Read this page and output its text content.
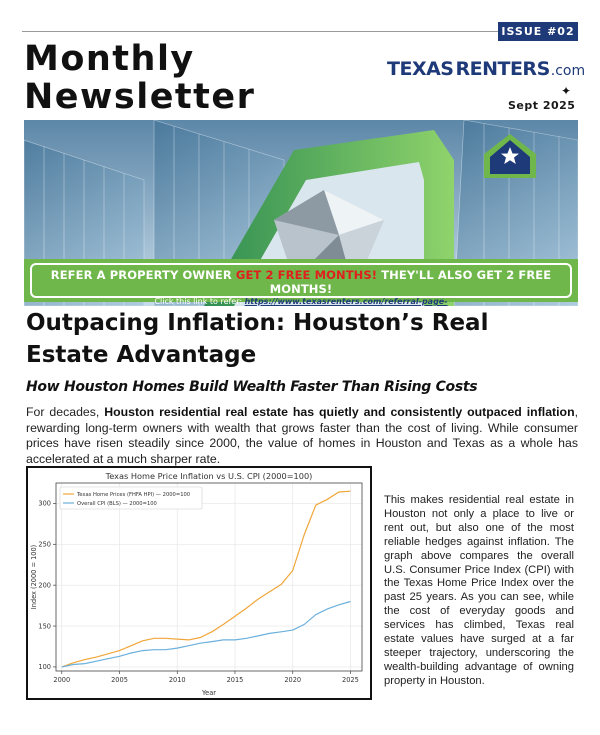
ISSUE #02
Monthly
Newsletter
TEXAS RENTERS .com
✦
Sept 2025
REFER A PROPERTY OWNER GET 2 FREE MONTHS! THEY'LL ALSO GET 2 FREE MONTHS!
Click this link to refer: https://www.texasrenters.com/referral-page-
Outpacing Inflation: Houston’s Real Estate Advantage
How Houston Homes Build Wealth Faster Than Rising Costs
For decades, Houston residential real estate has quietly and consistently outpaced inflation, rewarding long-term owners with wealth that grows faster than the cost of living. While consumer prices have risen steadily since 2000, the value of homes in Houston and Texas as a whole has accelerated at a much sharper rate.
Texas Home Price Inflation vs U.S. CPI (2000=100)
2000	2005	2010	2015	2020	2025
100
150
200
250
300
Year
Index (2000 = 100)
Texas Home Prices (FHFA HPI) — 2000=100
Overall CPI (BLS) — 2000=100	This makes residential real estate in Houston not only a place to live or rent out, but also one of the most reliable hedges against inflation. The graph above compares the overall U.S. Consumer Price Index (CPI) with the Texas Home Price Index over the past 25 years. As you can see, while the cost of everyday goods and services has climbed, Texas real estate values have surged at a far steeper trajectory, underscoring the wealth-building advantage of owning property in Houston.
